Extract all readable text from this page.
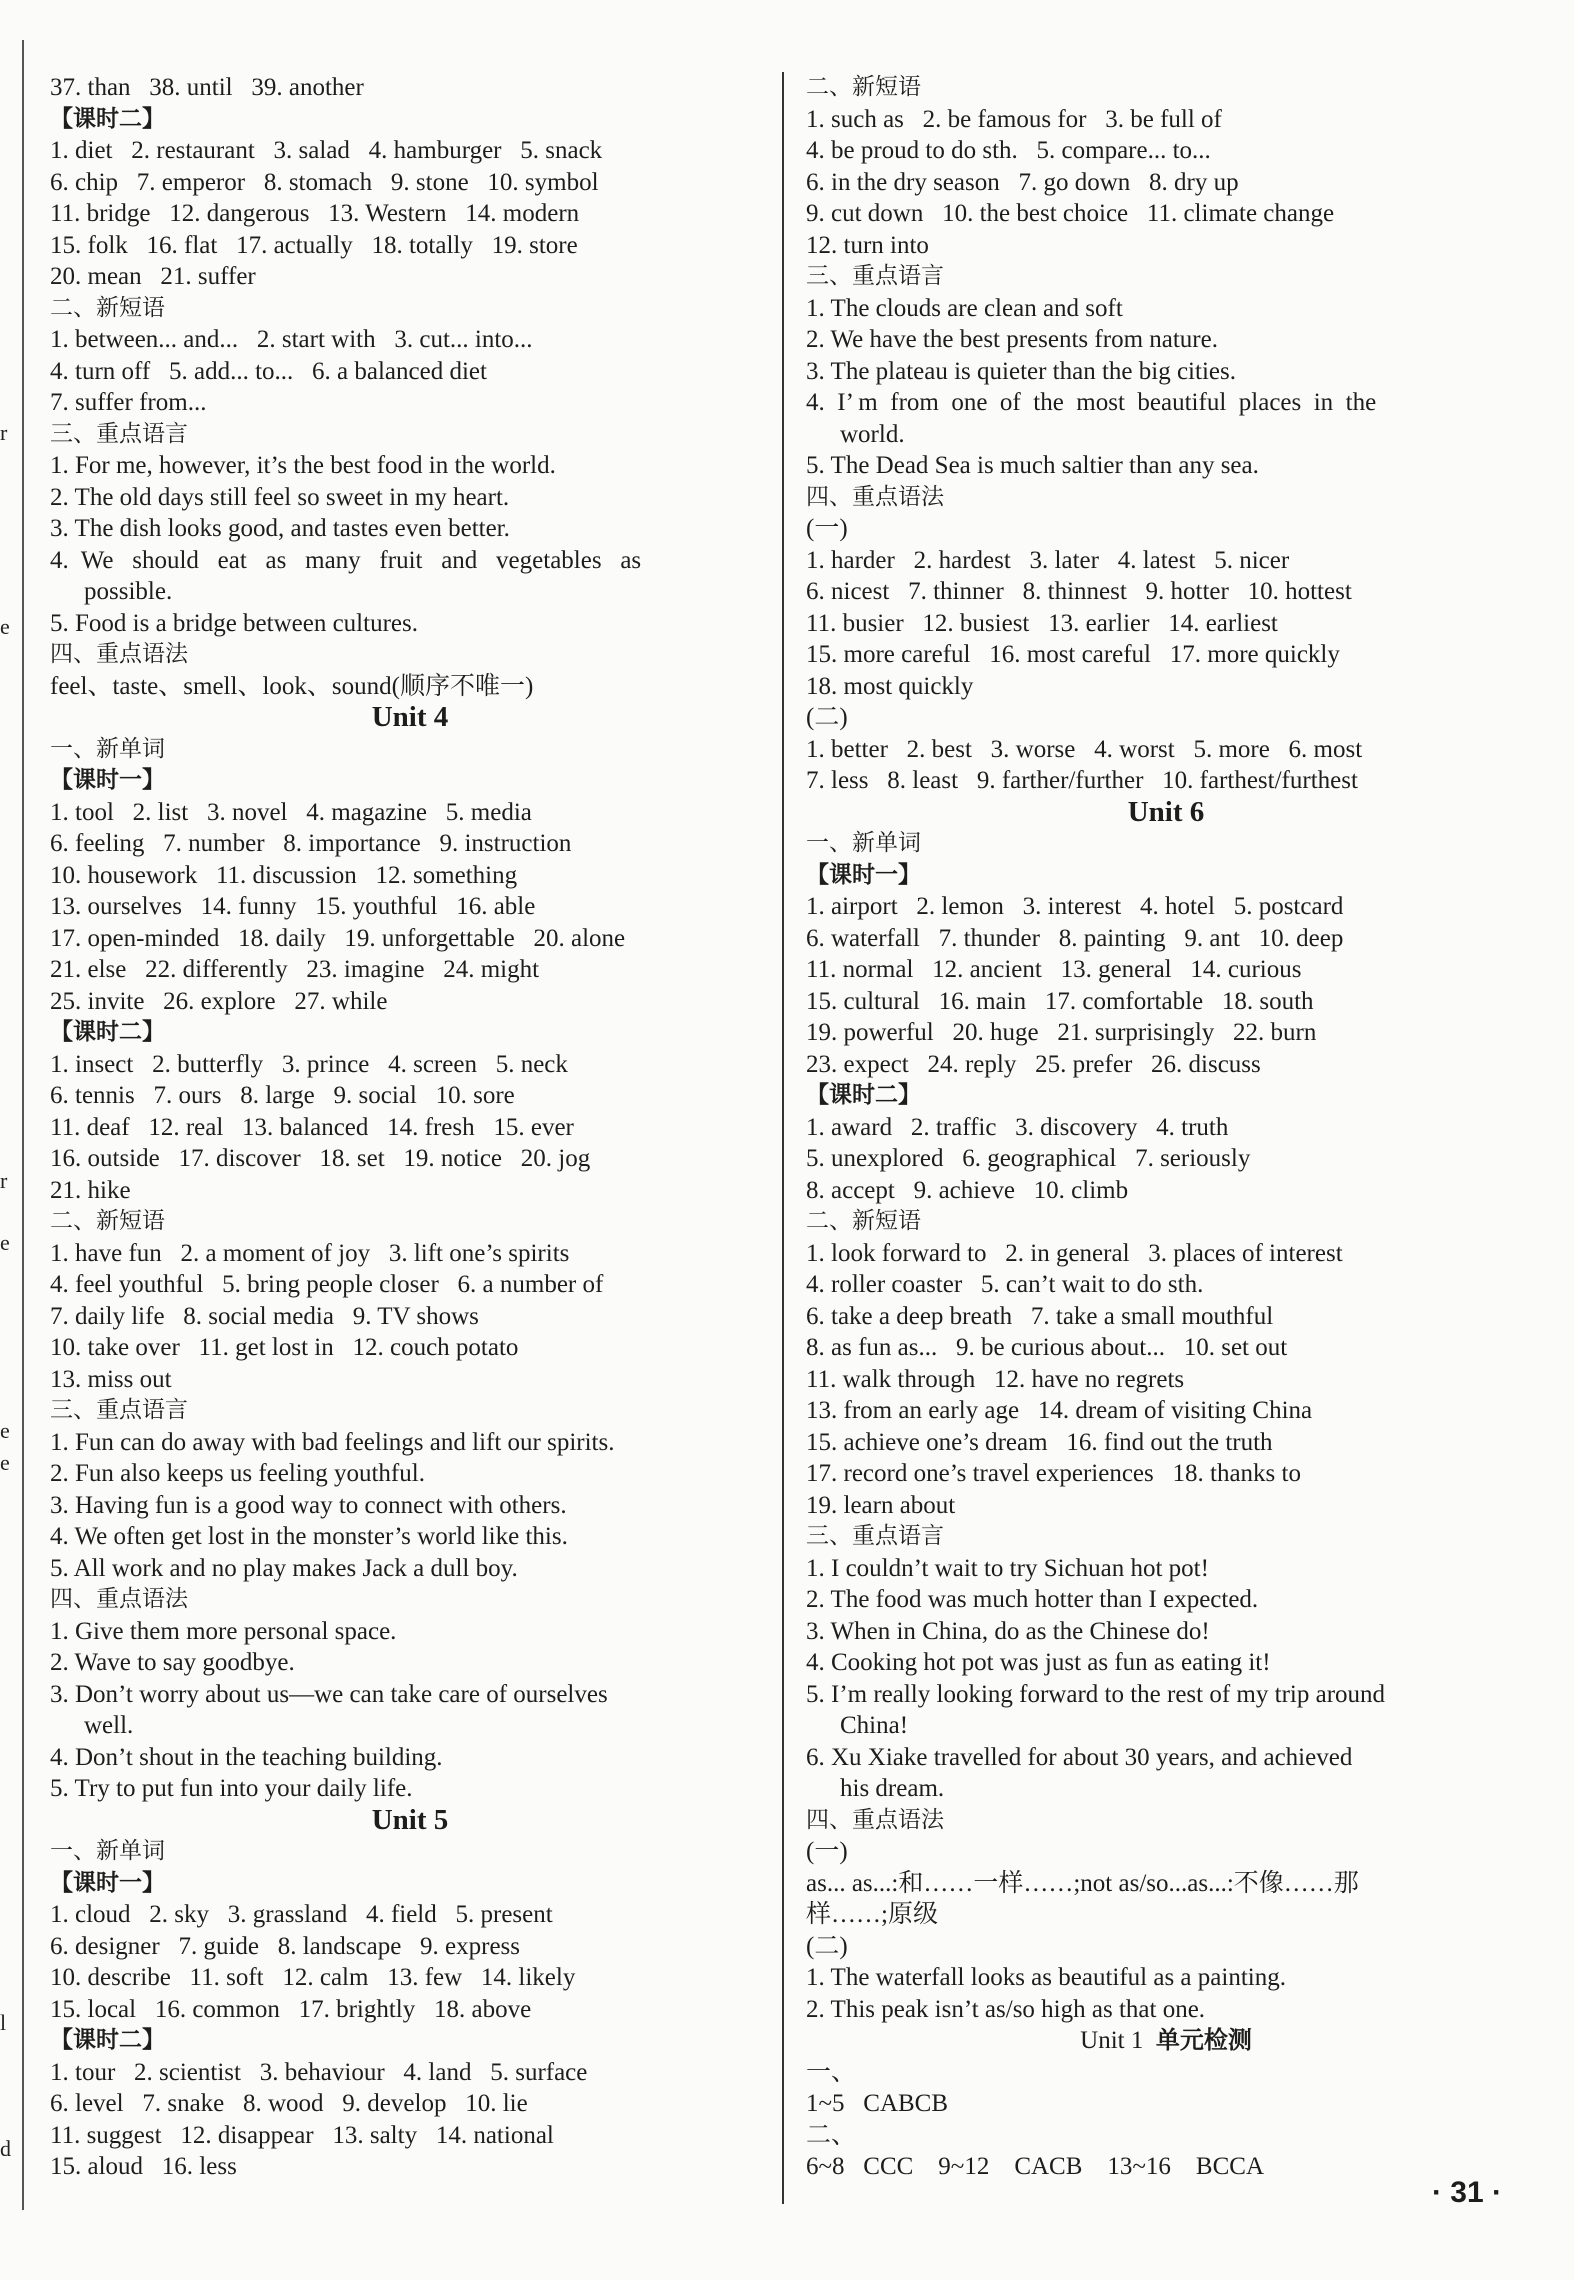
r
e
r
e
e
e
l
d
37. than   38. until   39. another
【课时二】
1. diet   2. restaurant   3. salad   4. hamburger   5. snack
6. chip   7. emperor   8. stomach   9. stone   10. symbol
11. bridge   12. dangerous   13. Western   14. modern
15. folk   16. flat   17. actually   18. totally   19. store
20. mean   21. suffer
二、新短语
1. between... and...   2. start with   3. cut... into...
4. turn off   5. add... to...   6. a balanced diet
7. suffer from...
三、重点语言
1. For me, however, it’s the best food in the world.
2. The old days still feel so sweet in my heart.
3. The dish looks good, and tastes even better.
4.  We   should   eat   as   many   fruit   and   vegetables   as
possible.
5. Food is a bridge between cultures.
四、重点语法
feel、taste、smell、look、sound(顺序不唯一)
Unit 4
一、新单词
【课时一】
1. tool   2. list   3. novel   4. magazine   5. media
6. feeling   7. number   8. importance   9. instruction
10. housework   11. discussion   12. something
13. ourselves   14. funny   15. youthful   16. able
17. open-minded   18. daily   19. unforgettable   20. alone
21. else   22. differently   23. imagine   24. might
25. invite   26. explore   27. while
【课时二】
1. insect   2. butterfly   3. prince   4. screen   5. neck
6. tennis   7. ours   8. large   9. social   10. sore
11. deaf   12. real   13. balanced   14. fresh   15. ever
16. outside   17. discover   18. set   19. notice   20. jog
21. hike
二、新短语
1. have fun   2. a moment of joy   3. lift one’s spirits
4. feel youthful   5. bring people closer   6. a number of
7. daily life   8. social media   9. TV shows
10. take over   11. get lost in   12. couch potato
13. miss out
三、重点语言
1. Fun can do away with bad feelings and lift our spirits.
2. Fun also keeps us feeling youthful.
3. Having fun is a good way to connect with others.
4. We often get lost in the monster’s world like this.
5. All work and no play makes Jack a dull boy.
四、重点语法
1. Give them more personal space.
2. Wave to say goodbye.
3. Don’t worry about us—we can take care of ourselves
well.
4. Don’t shout in the teaching building.
5. Try to put fun into your daily life.
Unit 5
一、新单词
【课时一】
1. cloud   2. sky   3. grassland   4. field   5. present
6. designer   7. guide   8. landscape   9. express
10. describe   11. soft   12. calm   13. few   14. likely
15. local   16. common   17. brightly   18. above
【课时二】
1. tour   2. scientist   3. behaviour   4. land   5. surface
6. level   7. snake   8. wood   9. develop   10. lie
11. suggest   12. disappear   13. salty   14. national
15. aloud   16. less
二、新短语
1. such as   2. be famous for   3. be full of
4. be proud to do sth.   5. compare... to...
6. in the dry season   7. go down   8. dry up
9. cut down   10. the best choice   11. climate change
12. turn into
三、重点语言
1. The clouds are clean and soft
2. We have the best presents from nature.
3. The plateau is quieter than the big cities.
4.  I’ m  from  one  of  the  most  beautiful  places  in  the
world.
5. The Dead Sea is much saltier than any sea.
四、重点语法
(一)
1. harder   2. hardest   3. later   4. latest   5. nicer
6. nicest   7. thinner   8. thinnest   9. hotter   10. hottest
11. busier   12. busiest   13. earlier   14. earliest
15. more careful   16. most careful   17. more quickly
18. most quickly
(二)
1. better   2. best   3. worse   4. worst   5. more   6. most
7. less   8. least   9. farther/further   10. farthest/furthest
Unit 6
一、新单词
【课时一】
1. airport   2. lemon   3. interest   4. hotel   5. postcard
6. waterfall   7. thunder   8. painting   9. ant   10. deep
11. normal   12. ancient   13. general   14. curious
15. cultural   16. main   17. comfortable   18. south
19. powerful   20. huge   21. surprisingly   22. burn
23. expect   24. reply   25. prefer   26. discuss
【课时二】
1. award   2. traffic   3. discovery   4. truth
5. unexplored   6. geographical   7. seriously
8. accept   9. achieve   10. climb
二、新短语
1. look forward to   2. in general   3. places of interest
4. roller coaster   5. can’t wait to do sth.
6. take a deep breath   7. take a small mouthful
8. as fun as...   9. be curious about...   10. set out
11. walk through   12. have no regrets
13. from an early age   14. dream of visiting China
15. achieve one’s dream   16. find out the truth
17. record one’s travel experiences   18. thanks to
19. learn about
三、重点语言
1. I couldn’t wait to try Sichuan hot pot!
2. The food was much hotter than I expected.
3. When in China, do as the Chinese do!
4. Cooking hot pot was just as fun as eating it!
5. I’m really looking forward to the rest of my trip around
China!
6. Xu Xiake travelled for about 30 years, and achieved
his dream.
四、重点语法
(一)
as... as...:和……一样……;not as/so...as...:不像……那
样……;原级
(二)
1. The waterfall looks as beautiful as a painting.
2. This peak isn’t as/so high as that one.
Unit 1  单元检测
一、
1~5   CABCB
二、
6~8   CCC    9~12    CACB    13~16    BCCA
· 31 ·
